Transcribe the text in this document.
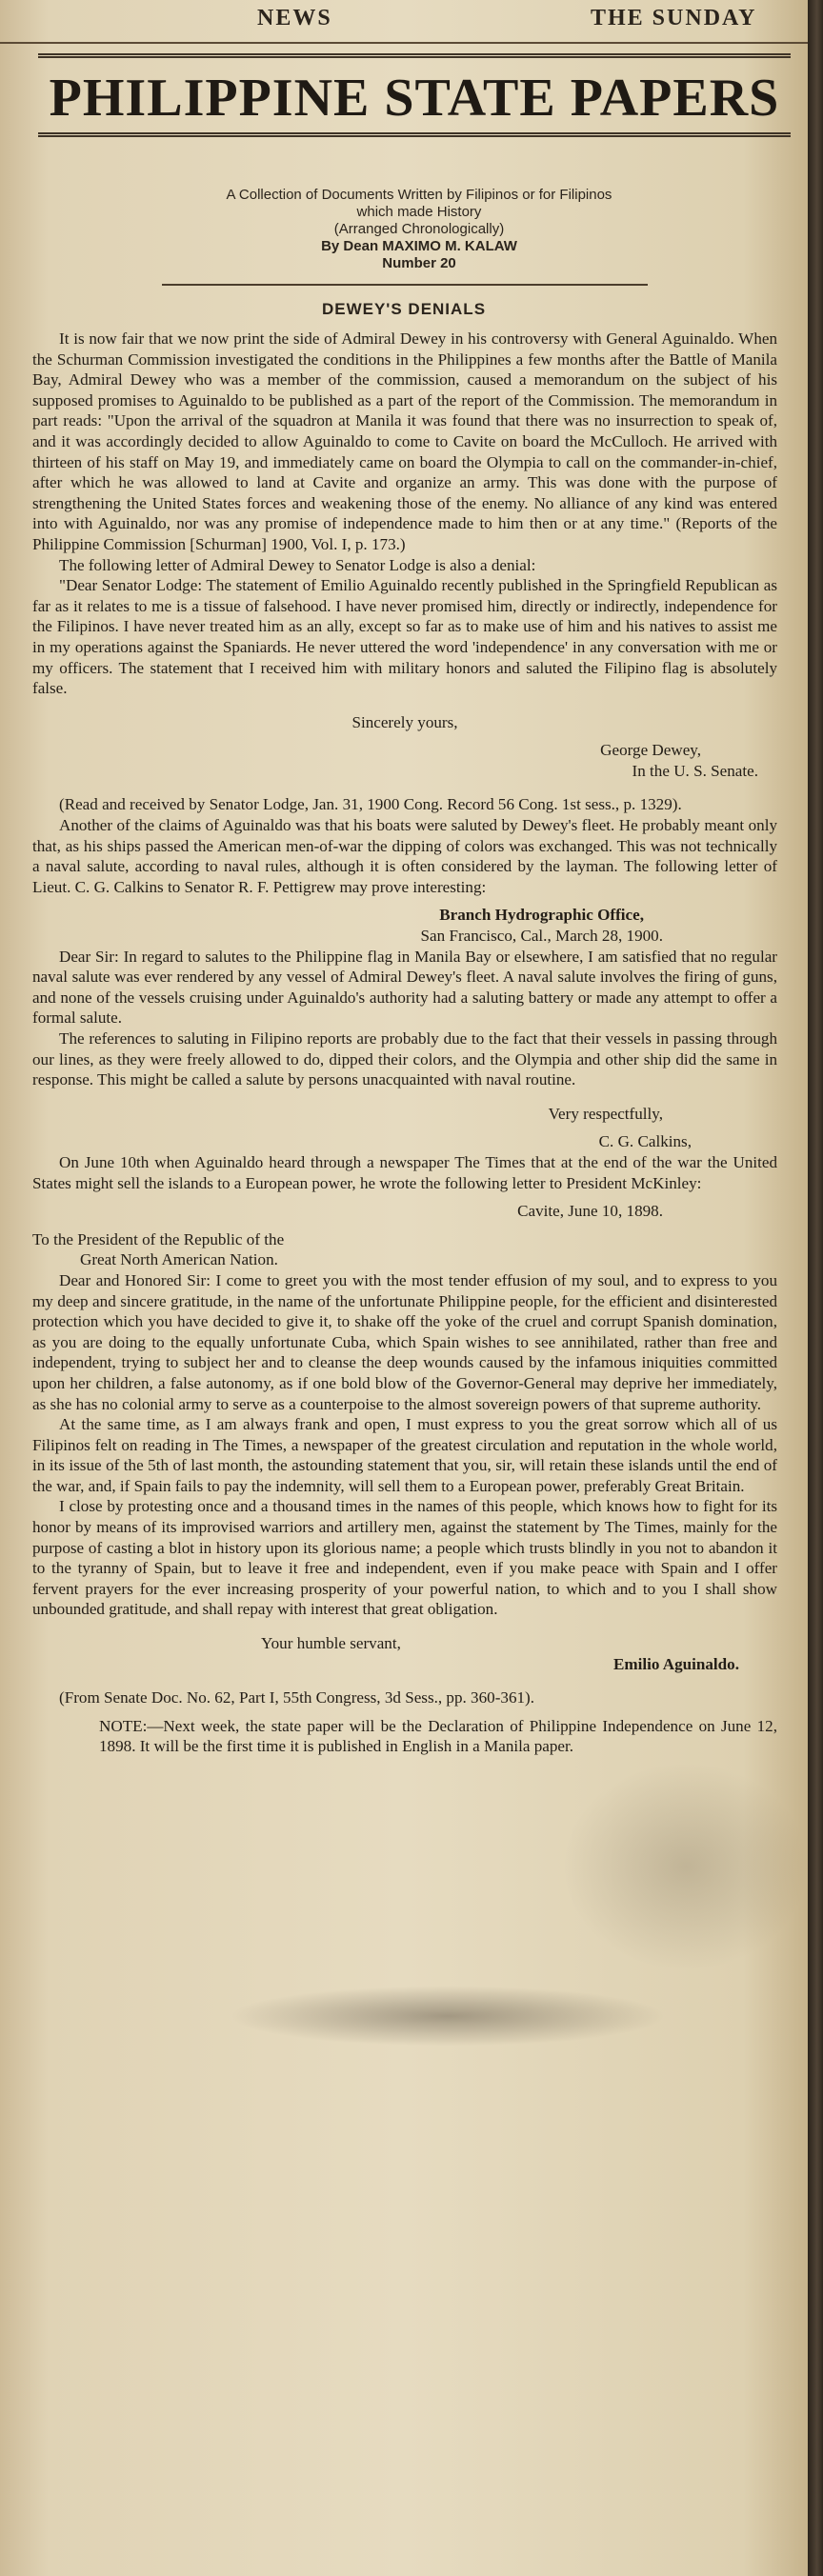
NEWS	THE SUNDAY
PHILIPPINE STATE PAPERS
A Collection of Documents Written by Filipinos or for Filipinos
which made History
(Arranged Chronologically)
By Dean MAXIMO M. KALAW
Number 20
DEWEY'S DENIALS

It is now fair that we now print the side of Admiral Dewey in his controversy with General Aguinaldo. When the Schurman Commission investigated the conditions in the Philippines a few months after the Battle of Manila Bay, Admiral Dewey who was a member of the commission, caused a memorandum on the subject of his supposed promises to Aguinaldo to be published as a part of the report of the Commission. The memorandum in part reads: "Upon the arrival of the squadron at Manila it was found that there was no insurrection to speak of, and it was accordingly decided to allow Aguinaldo to come to Cavite on board the McCulloch. He arrived with thirteen of his staff on May 19, and immediately came on board the Olympia to call on the commander-in-chief, after which he was allowed to land at Cavite and organize an army. This was done with the purpose of strengthening the United States forces and weakening those of the enemy. No alliance of any kind was entered into with Aguinaldo, nor was any promise of independence made to him then or at any time." (Reports of the Philippine Commission [Schurman] 1900, Vol. I, p. 173.)

The following letter of Admiral Dewey to Senator Lodge is also a denial:

"Dear Senator Lodge: The statement of Emilio Aguinaldo recently published in the Springfield Republican as far as it relates to me is a tissue of falsehood. I have never promised him, directly or indirectly, independence for the Filipinos. I have never treated him as an ally, except so far as to make use of him and his natives to assist me in my operations against the Spaniards. He never uttered the word 'independence' in any conversation with me or my officers. The statement that I received him with military honors and saluted the Filipino flag is absolutely false.

Sincerely yours,

George Dewey,

In the U. S. Senate.

(Read and received by Senator Lodge, Jan. 31, 1900 Cong. Record 56 Cong. 1st sess., p. 1329).

Another of the claims of Aguinaldo was that his boats were saluted by Dewey's fleet. He probably meant only that, as his ships passed the American men-of-war the dipping of colors was exchanged. This was not technically a naval salute, according to naval rules, although it is often considered by the layman. The following letter of Lieut. C. G. Calkins to Senator R. F. Pettigrew may prove interesting:

Branch Hydrographic Office,

San Francisco, Cal., March 28, 1900.

Dear Sir: In regard to salutes to the Philippine flag in Manila Bay or elsewhere, I am satisfied that no regular naval salute was ever rendered by any vessel of Admiral Dewey's fleet. A naval salute involves the firing of guns, and none of the vessels cruising under Aguinaldo's authority had a saluting battery or made any attempt to offer a formal salute.

The references to saluting in Filipino reports are probably due to the fact that their vessels in passing through our lines, as they were freely allowed to do, dipped their colors, and the Olympia and other ship did the same in response. This might be called a salute by persons unacquainted with naval routine.

Very respectfully,

C. G. Calkins,

On June 10th when Aguinaldo heard through a newspaper The Times that at the end of the war the United States might sell the islands to a European power, he wrote the following letter to President McKinley:

Cavite, June 10, 1898.

To the President of the Republic of the

Great North American Nation.

Dear and Honored Sir: I come to greet you with the most tender effusion of my soul, and to express to you my deep and sincere gratitude, in the name of the unfortunate Philippine people, for the efficient and disinterested protection which you have decided to give it, to shake off the yoke of the cruel and corrupt Spanish domination, as you are doing to the equally unfortunate Cuba, which Spain wishes to see annihilated, rather than free and independent, trying to subject her and to cleanse the deep wounds caused by the infamous iniquities committed upon her children, a false autonomy, as if one bold blow of the Governor-General may deprive her immediately, as she has no colonial army to serve as a counterpoise to the almost sovereign powers of that supreme authority.

At the same time, as I am always frank and open, I must express to you the great sorrow which all of us Filipinos felt on reading in The Times, a newspaper of the greatest circulation and reputation in the whole world, in its issue of the 5th of last month, the astounding statement that you, sir, will retain these islands until the end of the war, and, if Spain fails to pay the indemnity, will sell them to a European power, preferably Great Britain.

I close by protesting once and a thousand times in the names of this people, which knows how to fight for its honor by means of its improvised warriors and artillery men, against the statement by The Times, mainly for the purpose of casting a blot in history upon its glorious name; a people which trusts blindly in you not to abandon it to the tyranny of Spain, but to leave it free and independent, even if you make peace with Spain and I offer fervent prayers for the ever increasing prosperity of your powerful nation, to which and to you I shall show unbounded gratitude, and shall repay with interest that great obligation.

Your humble servant,

Emilio Aguinaldo.

(From Senate Doc. No. 62, Part I, 55th Congress, 3d Sess., pp. 360-361).

NOTE:—Next week, the state paper will be the Declaration of Philippine Independence on June 12, 1898. It will be the first time it is published in English in a Manila paper.
